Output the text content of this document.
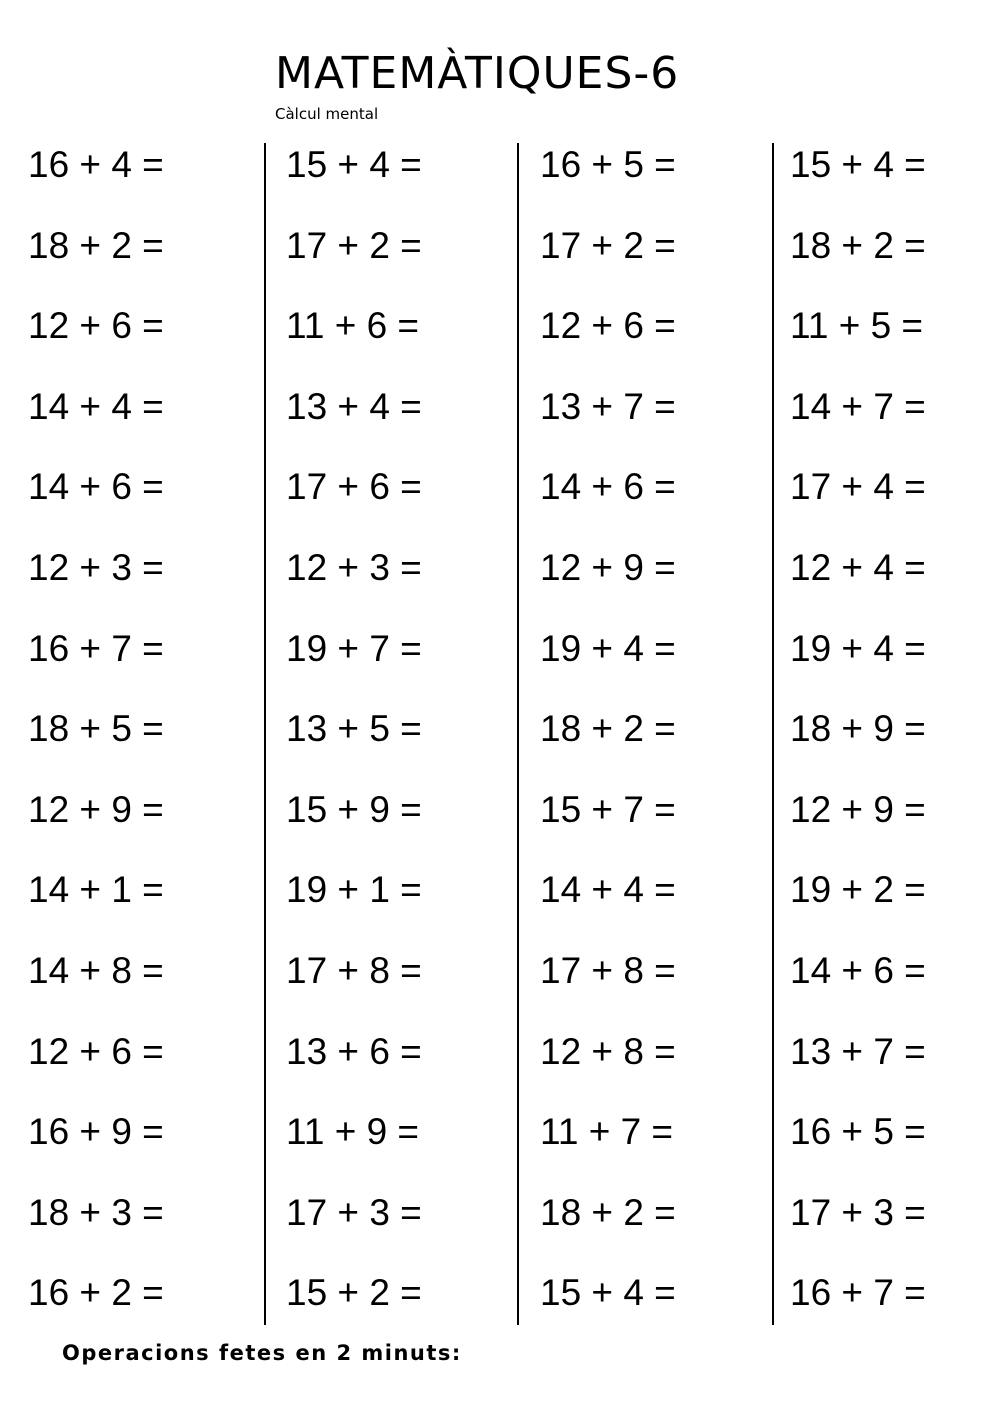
MATEMÀTIQUES-6
Càlcul mental
16 + 4 =
18 + 2 =
12 + 6 =
14 + 4 =
14 + 6 =
12 + 3 =
16 + 7 =
18 + 5 =
12 + 9 =
14 + 1 =
14 + 8 =
12 + 6 =
16 + 9 =
18 + 3 =
16 + 2 =
15 + 4 =
17 + 2 =
11 + 6 =
13 + 4 =
17 + 6 =
12 + 3 =
19 + 7 =
13 + 5 =
15 + 9 =
19 + 1 =
17 + 8 =
13 + 6 =
11 + 9 =
17 + 3 =
15 + 2 =
16 + 5 =
17 + 2 =
12 + 6 =
13 + 7 =
14 + 6 =
12 + 9 =
19 + 4 =
18 + 2 =
15 + 7 =
14 + 4 =
17 + 8 =
12 + 8 =
11 + 7 =
18 + 2 =
15 + 4 =
15 + 4 =
18 + 2 =
11 + 5 =
14 + 7 =
17 + 4 =
12 + 4 =
19 + 4 =
18 + 9 =
12 + 9 =
19 + 2 =
14 + 6 =
13 + 7 =
16 + 5 =
17 + 3 =
16 + 7 =
Operacions fetes en 2 minuts:
